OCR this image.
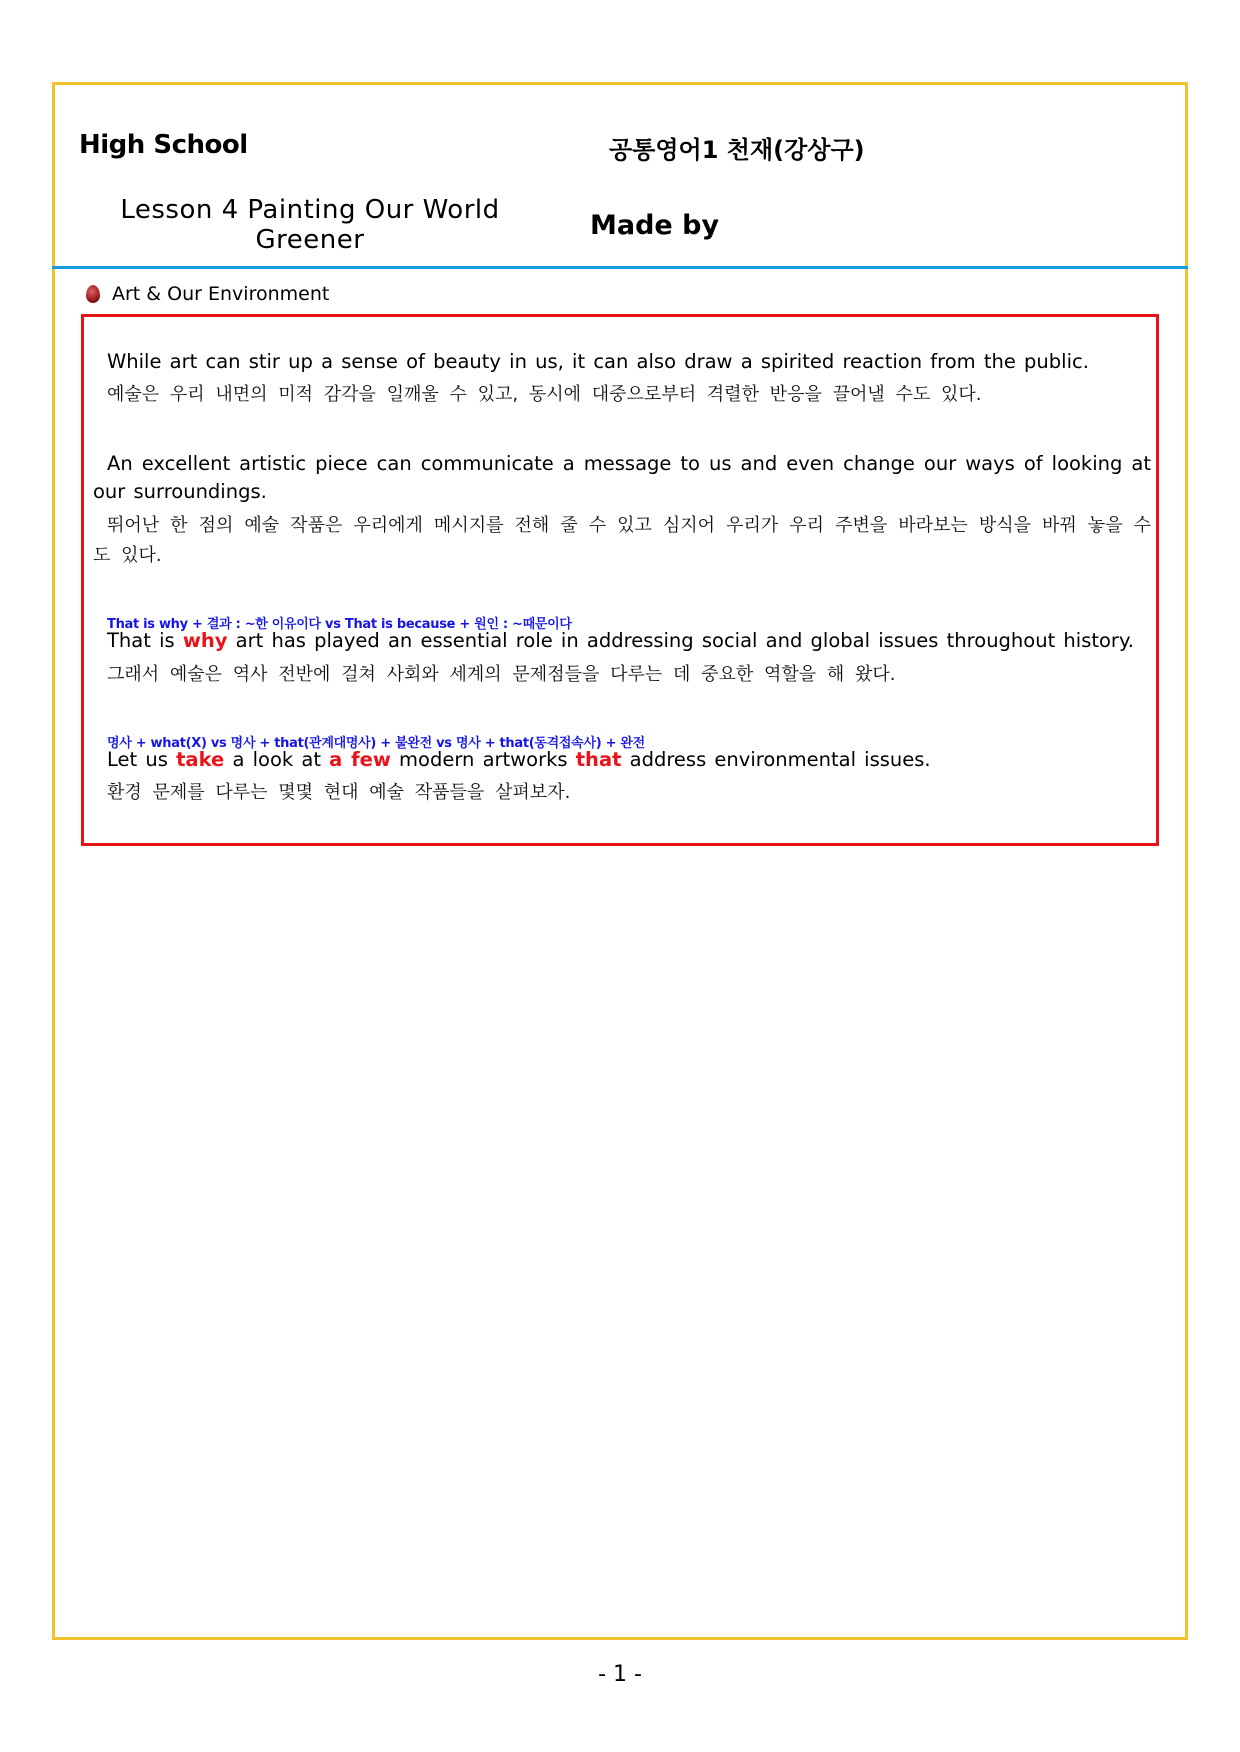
High School	공통영어1 천재(강상구)
Lesson 4 Painting Our World Greener	Made by
Art & Our Environment
While art can stir up a sense of beauty in us, it can also draw a spirited reaction from the public.
예술은 우리 내면의 미적 감각을 일깨울 수 있고, 동시에 대중으로부터 격렬한 반응을 끌어낼 수도 있다.
An excellent artistic piece can communicate a message to us and even change our ways of looking at our surroundings.
뛰어난 한 점의 예술 작품은 우리에게 메시지를 전해 줄 수 있고 심지어 우리가 우리 주변을 바라보는 방식을 바꿔 놓을 수도 있다.
That is why + 결과 : ~한 이유이다 vs That is because + 원인 : ~때문이다
That is why art has played an essential role in addressing social and global issues throughout history.
그래서 예술은 역사 전반에 걸쳐 사회와 세계의 문제점들을 다루는 데 중요한 역할을 해 왔다.
명사 + what(X) vs 명사 + that(관계대명사) + 불완전 vs 명사 + that(동격접속사) + 완전
Let us take a look at a few modern artworks that address environmental issues.
환경 문제를 다루는 몇몇 현대 예술 작품들을 살펴보자.
- 1 -
